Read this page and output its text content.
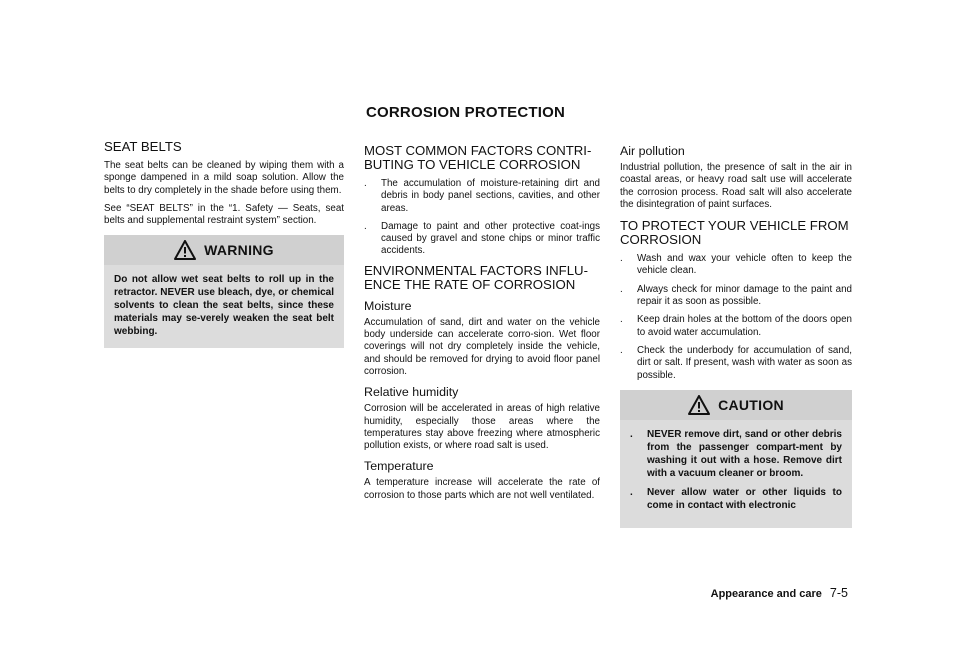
CORROSION PROTECTION
SEAT BELTS

The seat belts can be cleaned by wiping them with a sponge dampened in a mild soap solution. Allow the belts to dry completely in the shade before using them.

See “SEAT BELTS” in the “1. Safety — Seats, seat belts and supplemental restraint system” section.

WARNING

Do not allow wet seat belts to roll up in the retractor. NEVER use bleach, dye, or chemical solvents to clean the seat belts, since these materials may se-verely weaken the seat belt webbing.

MOST COMMON FACTORS CONTRI-BUTING TO VEHICLE CORROSION
. The accumulation of moisture-retaining dirt and debris in body panel sections, cavities, and other areas.
. Damage to paint and other protective coat-ings caused by gravel and stone chips or minor traffic accidents.
ENVIRONMENTAL FACTORS INFLU-ENCE THE RATE OF CORROSION
Moisture

Accumulation of sand, dirt and water on the vehicle body underside can accelerate corro-sion. Wet floor coverings will not dry completely inside the vehicle, and should be removed for drying to avoid floor panel corrosion.

Relative humidity

Corrosion will be accelerated in areas of high relative humidity, especially those areas where the temperatures stay above freezing where atmospheric pollution exists, or where road salt is used.

Temperature

A temperature increase will accelerate the rate of corrosion to those parts which are not well ventilated.

Air pollution

Industrial pollution, the presence of salt in the air in coastal areas, or heavy road salt use will accelerate the corrosion process. Road salt will also accelerate the disintegration of paint surfaces.

TO PROTECT YOUR VEHICLE FROM CORROSION
. Wash and wax your vehicle often to keep the vehicle clean.
. Always check for minor damage to the paint and repair it as soon as possible.
. Keep drain holes at the bottom of the doors open to avoid water accumulation.
. Check the underbody for accumulation of sand, dirt or salt. If present, wash with water as soon as possible.
CAUTION
. NEVER remove dirt, sand or other debris from the passenger compart-ment by washing it out with a hose. Remove dirt with a vacuum cleaner or broom.
. Never allow water or other liquids to come in contact with electronic
Appearance and care 7-5
